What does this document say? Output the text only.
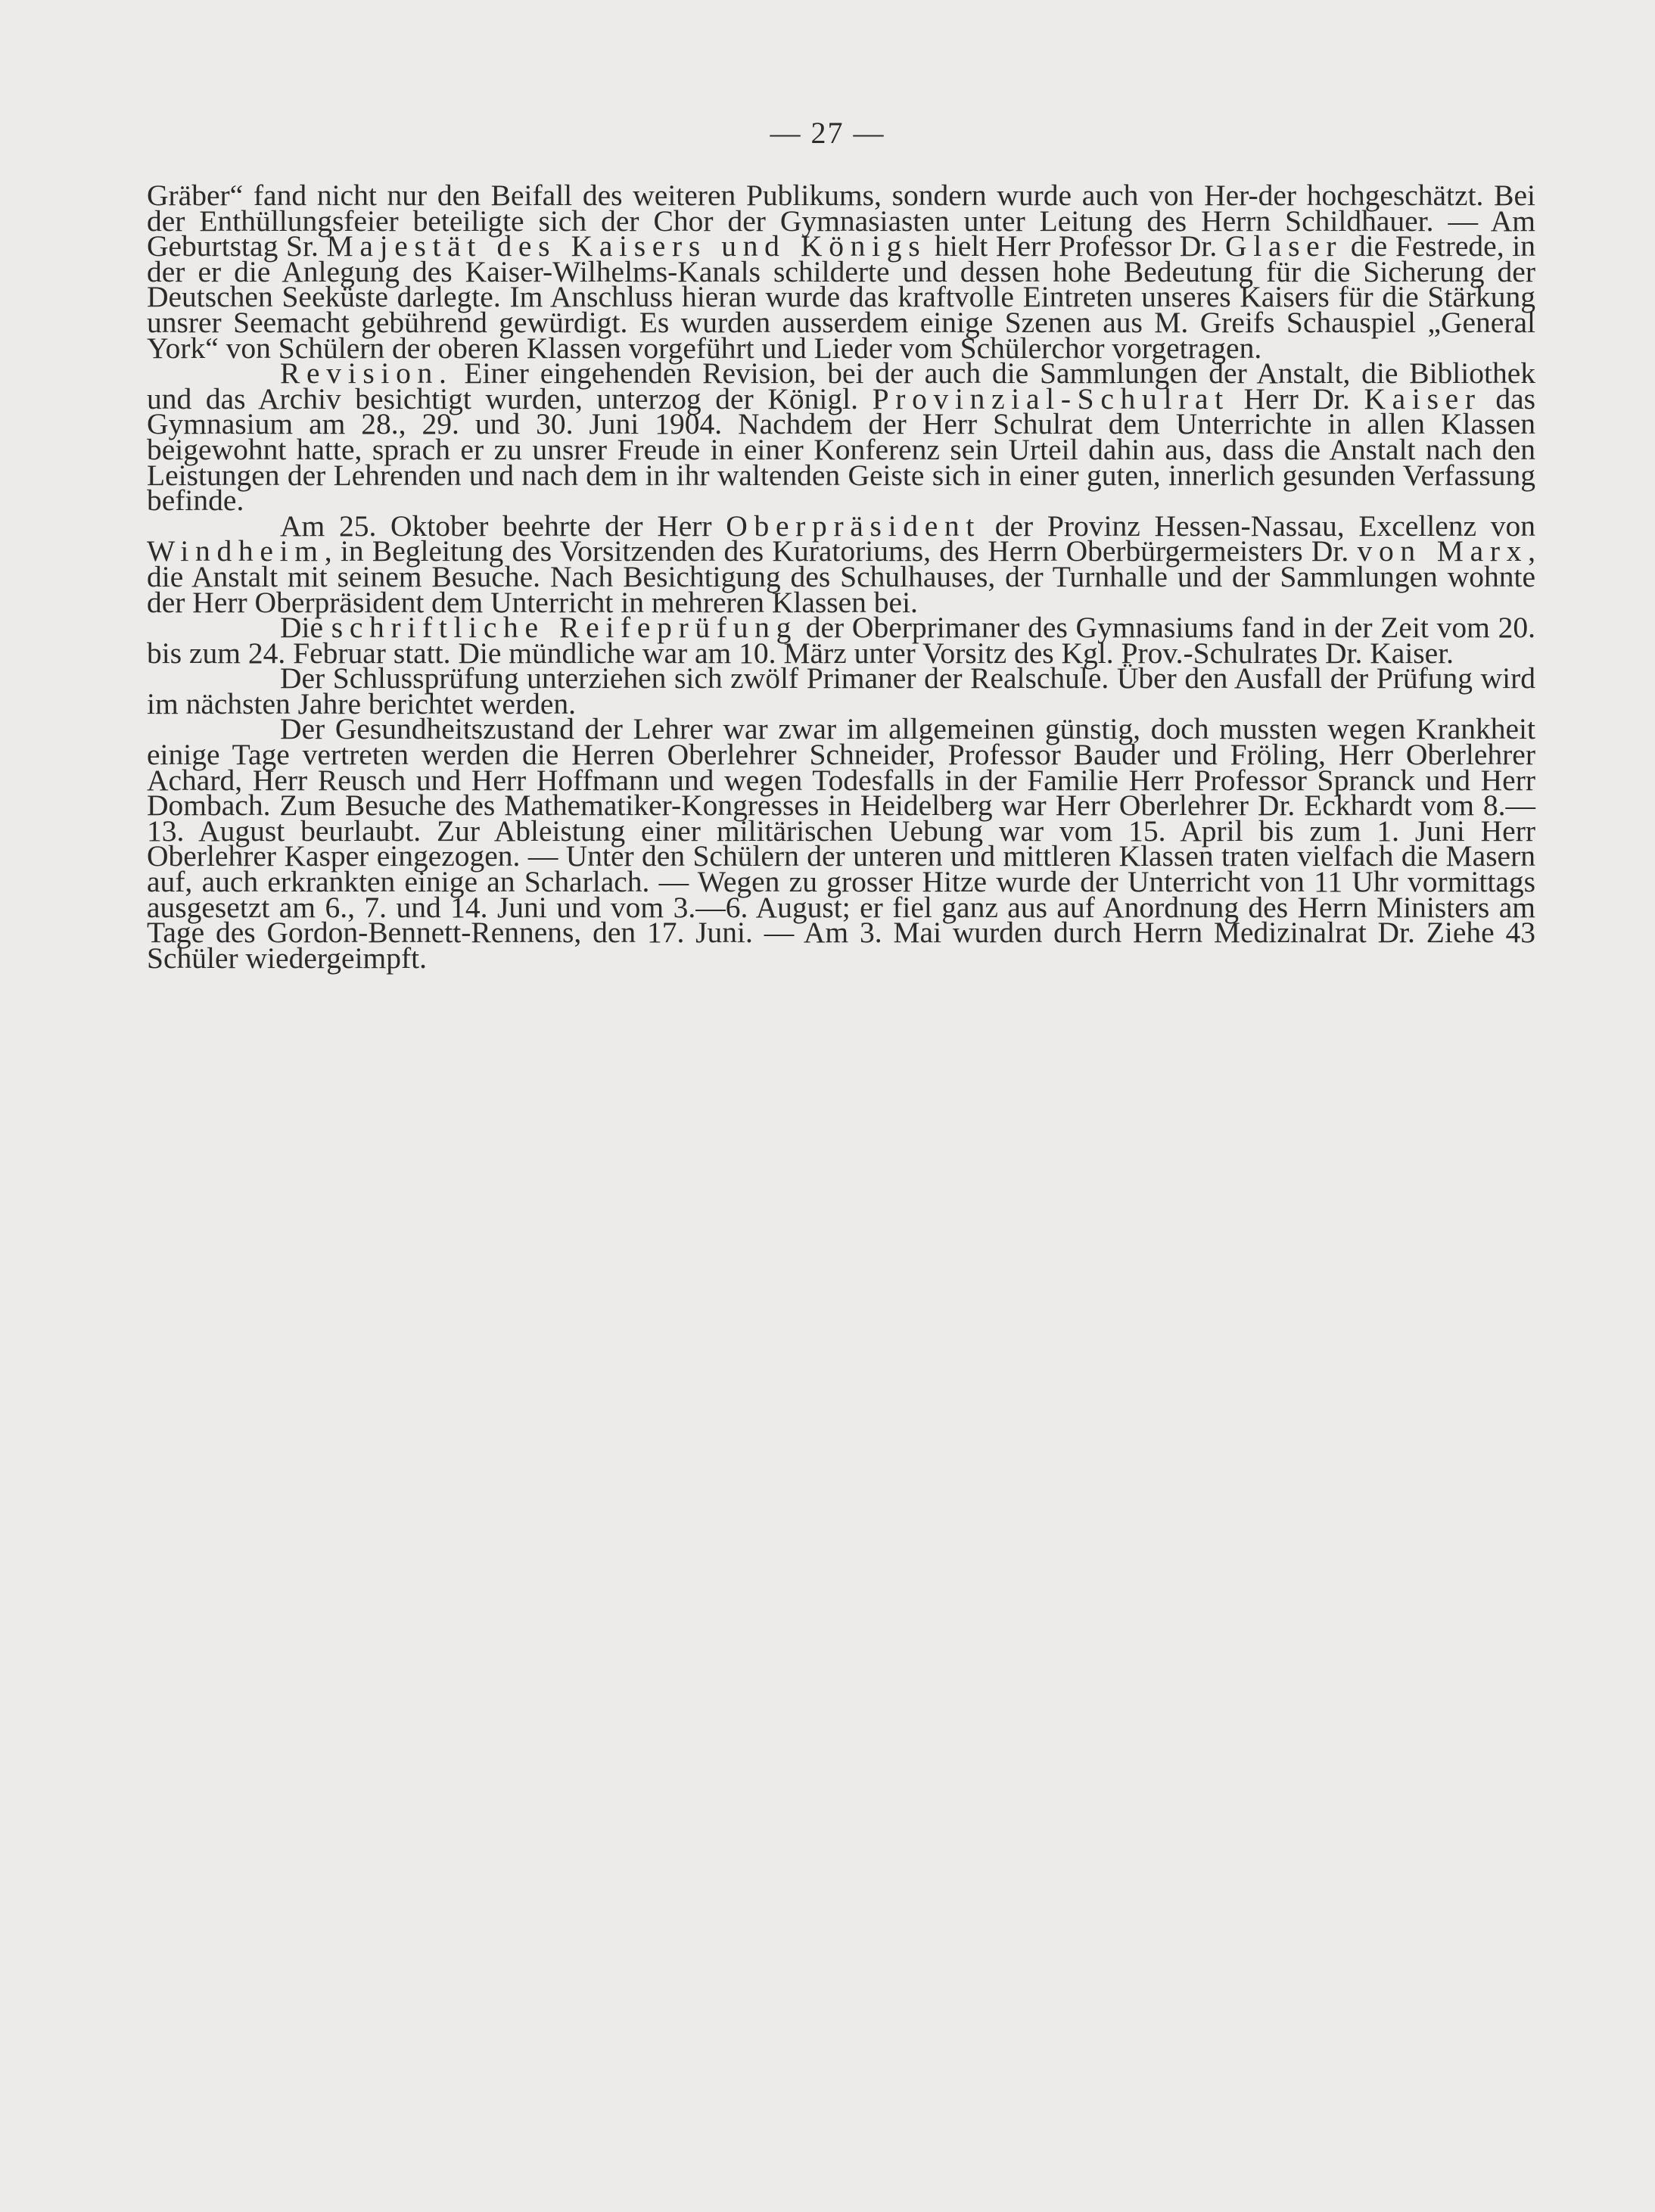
— 27 —

Gräber“ fand nicht nur den Beifall des weiteren Publikums, sondern wurde auch von Her-der hochgeschätzt. Bei der Enthüllungsfeier beteiligte sich der Chor der Gymnasiasten unter Leitung des Herrn Schildhauer. — Am Geburtstag Sr. Majestät des Kaisers und Königs hielt Herr Professor Dr. Glaser die Festrede, in der er die Anlegung des Kaiser-Wilhelms-Kanals schilderte und dessen hohe Bedeutung für die Sicherung der Deutschen Seeküste darlegte. Im Anschluss hieran wurde das kraftvolle Eintreten unseres Kaisers für die Stärkung unsrer Seemacht gebührend gewürdigt. Es wurden ausserdem einige Szenen aus M. Greifs Schauspiel „General York“ von Schülern der oberen Klassen vorgeführt und Lieder vom Schülerchor vorgetragen.

Revision. Einer eingehenden Revision, bei der auch die Sammlungen der Anstalt, die Bibliothek und das Archiv besichtigt wurden, unterzog der Königl. Provinzial-Schulrat Herr Dr. Kaiser das Gymnasium am 28., 29. und 30. Juni 1904. Nachdem der Herr Schulrat dem Unterrichte in allen Klassen beigewohnt hatte, sprach er zu unsrer Freude in einer Konferenz sein Urteil dahin aus, dass die Anstalt nach den Leistungen der Lehrenden und nach dem in ihr waltenden Geiste sich in einer guten, innerlich gesunden Verfassung befinde.

Am 25. Oktober beehrte der Herr Oberpräsident der Provinz Hessen-Nassau, Excellenz von Windheim, in Begleitung des Vorsitzenden des Kuratoriums, des Herrn Oberbürgermeisters Dr. von Marx, die Anstalt mit seinem Besuche. Nach Besichtigung des Schulhauses, der Turnhalle und der Sammlungen wohnte der Herr Oberpräsident dem Unterricht in mehreren Klassen bei.

Die schriftliche Reifeprüfung der Oberprimaner des Gymnasiums fand in der Zeit vom 20. bis zum 24. Februar statt. Die mündliche war am 10. März unter Vorsitz des Kgl. Prov.-Schulrates Dr. Kaiser.

Der Schlussprüfung unterziehen sich zwölf Primaner der Realschule. Über den Ausfall der Prüfung wird im nächsten Jahre berichtet werden.

Der Gesundheitszustand der Lehrer war zwar im allgemeinen günstig, doch mussten wegen Krankheit einige Tage vertreten werden die Herren Oberlehrer Schneider, Professor Bauder und Fröling, Herr Oberlehrer Achard, Herr Reusch und Herr Hoffmann und wegen Todesfalls in der Familie Herr Professor Spranck und Herr Dombach. Zum Besuche des Mathematiker-Kongresses in Heidelberg war Herr Oberlehrer Dr. Eckhardt vom 8.—13. August beurlaubt. Zur Ableistung einer militärischen Uebung war vom 15. April bis zum 1. Juni Herr Oberlehrer Kasper eingezogen. — Unter den Schülern der unteren und mittleren Klassen traten vielfach die Masern auf, auch erkrankten einige an Scharlach. — Wegen zu grosser Hitze wurde der Unterricht von 11 Uhr vormittags ausgesetzt am 6., 7. und 14. Juni und vom 3.—6. August; er fiel ganz aus auf Anordnung des Herrn Ministers am Tage des Gordon-Bennett-Rennens, den 17. Juni. — Am 3. Mai wurden durch Herrn Medizinalrat Dr. Ziehe 43 Schüler wiedergeimpft.
